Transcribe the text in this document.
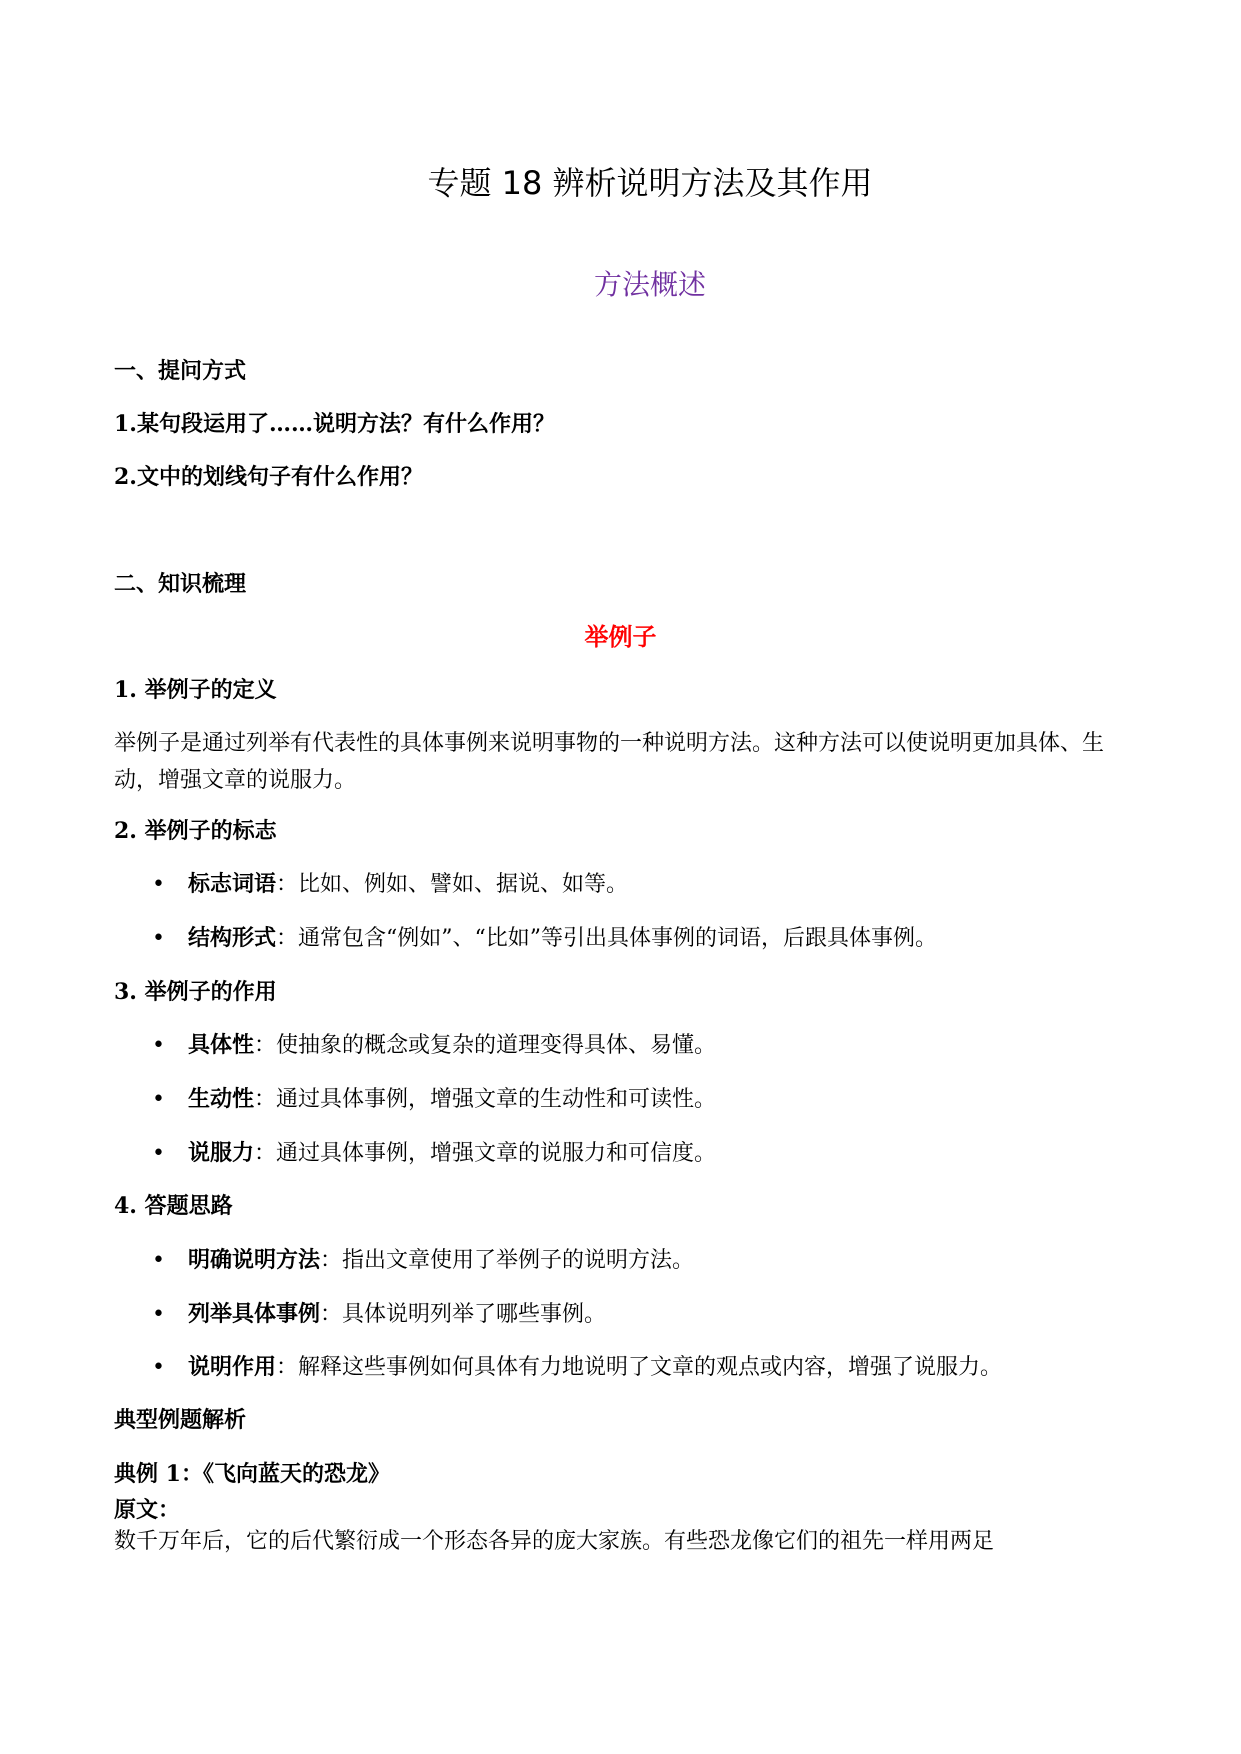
专题 18 辨析说明方法及其作用
方法概述
一、提问方式
1.某句段运用了……说明方法？有什么作用？
2.文中的划线句子有什么作用？
二、知识梳理
举例子
1. 举例子的定义
举例子是通过列举有代表性的具体事例来说明事物的一种说明方法。这种方法可以使说明更加具体、生动，增强文章的说服力。
2. 举例子的标志
• 标志词语：比如、例如、譬如、据说、如等。
• 结构形式：通常包含“例如”、“比如”等引出具体事例的词语，后跟具体事例。
3. 举例子的作用
• 具体性：使抽象的概念或复杂的道理变得具体、易懂。
• 生动性：通过具体事例，增强文章的生动性和可读性。
• 说服力：通过具体事例，增强文章的说服力和可信度。
4. 答题思路
• 明确说明方法：指出文章使用了举例子的说明方法。
• 列举具体事例：具体说明列举了哪些事例。
• 说明作用：解释这些事例如何具体有力地说明了文章的观点或内容，增强了说服力。
典型例题解析
典例 1：《飞向蓝天的恐龙》
原文：
数千万年后，它的后代繁衍成一个形态各异的庞大家族。有些恐龙像它们的祖先一样用两足
